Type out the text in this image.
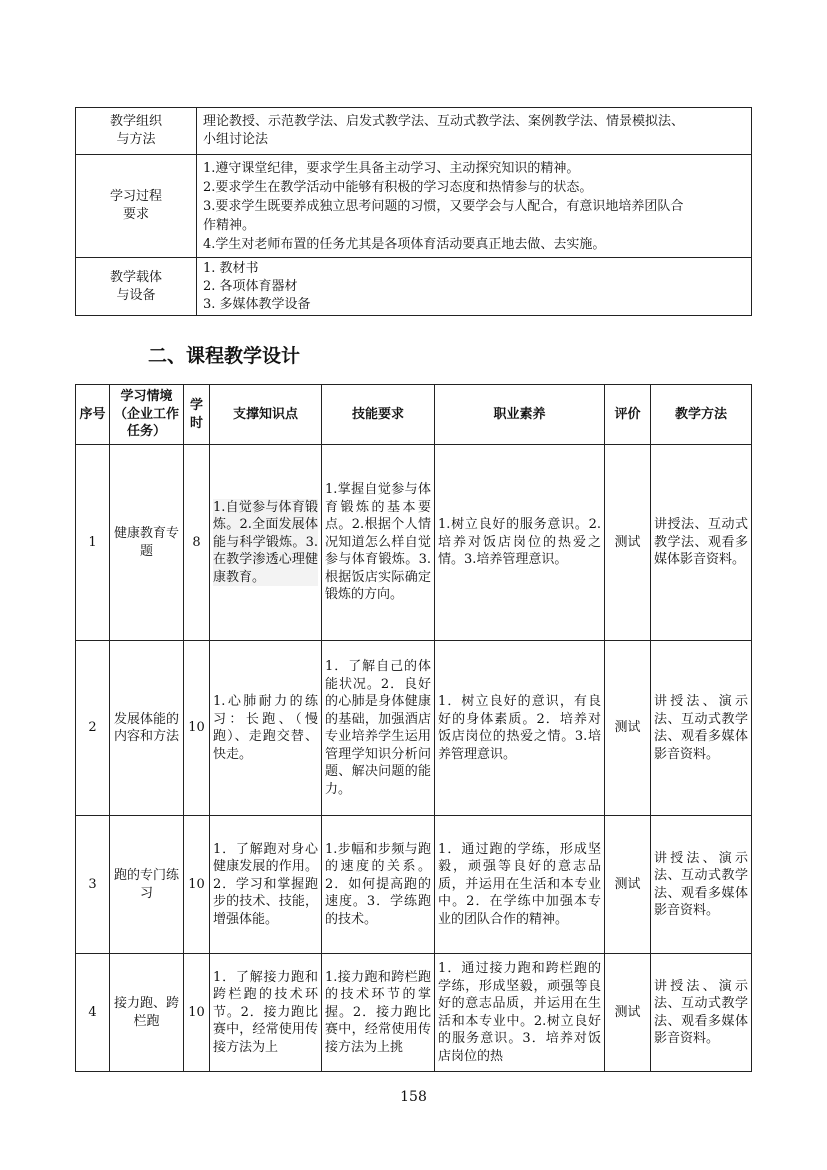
教学组织
与方法	理论教授、示范教学法、启发式教学法、互动式教学法、案例教学法、情景模拟法、
小组讨论法

学习过程
要求	1.遵守课堂纪律，要求学生具备主动学习、主动探究知识的精神。
2.要求学生在教学活动中能够有积极的学习态度和热情参与的状态。
3.要求学生既要养成独立思考问题的习惯，又要学会与人配合，有意识地培养团队合
作精神。
4.学生对老师布置的任务尤其是各项体育活动要真正地去做、去实施。

教学载体
与设备	1. 教材书
2. 各项体育器材
3. 多媒体教学设备
二、课程教学设计
序号	学习情境（企业工作任务）	学时	支撑知识点	技能要求	职业素养	评价	教学方法
1	健康教育专题	8	1.自觉参与体育锻炼。2.全面发展体能与科学锻炼。3.在教学渗透心理健康教育。	1.掌握自觉参与体育锻炼的基本要点。2.根据个人情况知道怎么样自觉参与体育锻炼。3.根据饭店实际确定锻炼的方向。	1.树立良好的服务意识。2.培养对饭店岗位的热爱之情。3.培养管理意识。	测试	讲授法、互动式教学法、观看多媒体影音资料。
2	发展体能的内容和方法	10	1.心肺耐力的练习：长跑、（慢跑）、走跑交替、快走。	1．了解自己的体能状况。2．良好的心肺是身体健康的基础，加强酒店专业培养学生运用管理学知识分析问题、解决问题的能力。	1．树立良好的意识，有良好的身体素质。2．培养对饭店岗位的热爱之情。3.培养管理意识。	测试	讲授法、演示法、互动式教学法、观看多媒体影音资料。
3	跑的专门练习	10	1．了解跑对身心健康发展的作用。2．学习和掌握跑步的技术、技能，增强体能。	1.步幅和步频与跑的速度的关系。2．如何提高跑的速度。3．学练跑的技术。	1．通过跑的学练，形成坚毅，顽强等良好的意志品质，并运用在生活和本专业中。2．在学练中加强本专业的团队合作的精神。	测试	讲授法、演示法、互动式教学法、观看多媒体影音资料。
4	接力跑、跨栏跑	10	1．了解接力跑和跨栏跑的技术环节。2．接力跑比赛中，经常使用传接方法为上	1.接力跑和跨栏跑的技术环节的掌握。2．接力跑比赛中，经常使用传接方法为上挑	1．通过接力跑和跨栏跑的学练，形成坚毅，顽强等良好的意志品质，并运用在生活和本专业中。2.树立良好的服务意识。3．培养对饭店岗位的热	测试	讲授法、演示法、互动式教学法、观看多媒体影音资料。
158
